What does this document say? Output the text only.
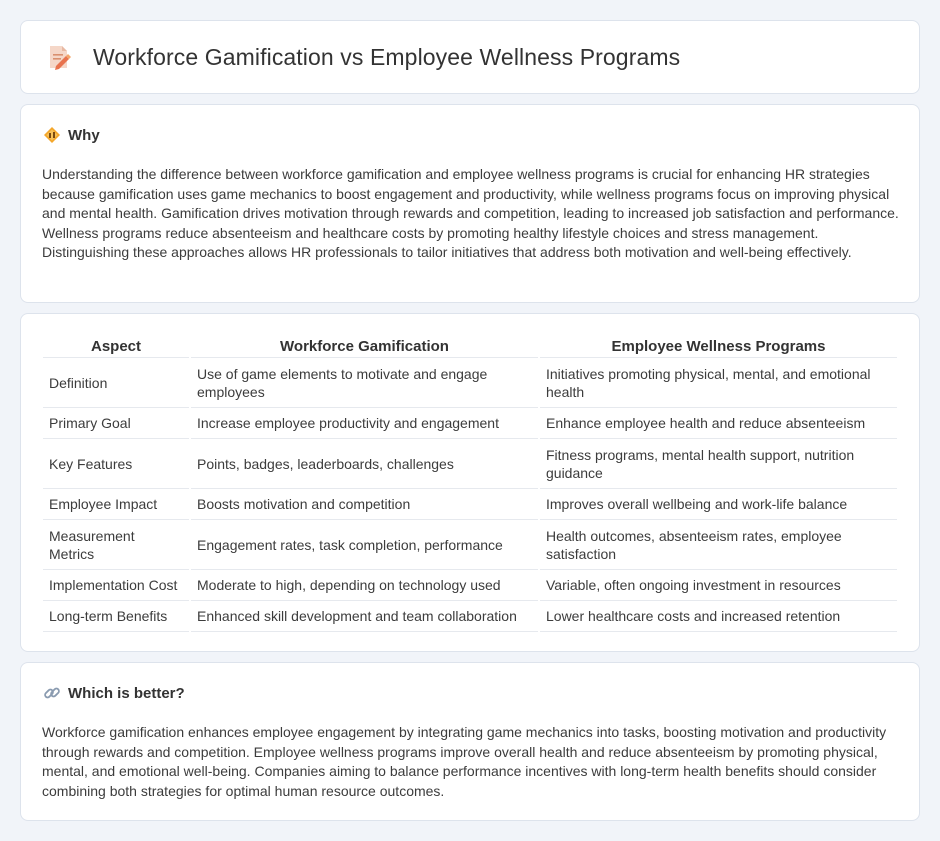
Workforce Gamification vs Employee Wellness Programs
Why

Understanding the difference between workforce gamification and employee wellness programs is crucial for enhancing HR strategies because gamification uses game mechanics to boost engagement and productivity, while wellness programs focus on improving physical and mental health. Gamification drives motivation through rewards and competition, leading to increased job satisfaction and performance. Wellness programs reduce absenteeism and healthcare costs by promoting healthy lifestyle choices and stress management. Distinguishing these approaches allows HR professionals to tailor initiatives that address both motivation and well-being effectively.

Aspect	Workforce Gamification	Employee Wellness Programs
Definition	Use of game elements to motivate and engage employees	Initiatives promoting physical, mental, and emotional health
Primary Goal	Increase employee productivity and engagement	Enhance employee health and reduce absenteeism
Key Features	Points, badges, leaderboards, challenges	Fitness programs, mental health support, nutrition guidance
Employee Impact	Boosts motivation and competition	Improves overall wellbeing and work-life balance
Measurement Metrics	Engagement rates, task completion, performance	Health outcomes, absenteeism rates, employee satisfaction
Implementation Cost	Moderate to high, depending on technology used	Variable, often ongoing investment in resources
Long-term Benefits	Enhanced skill development and team collaboration	Lower healthcare costs and increased retention
Which is better?

Workforce gamification enhances employee engagement by integrating game mechanics into tasks, boosting motivation and productivity through rewards and competition. Employee wellness programs improve overall health and reduce absenteeism by promoting physical, mental, and emotional well-being. Companies aiming to balance performance incentives with long-term health benefits should consider combining both strategies for optimal human resource outcomes.
